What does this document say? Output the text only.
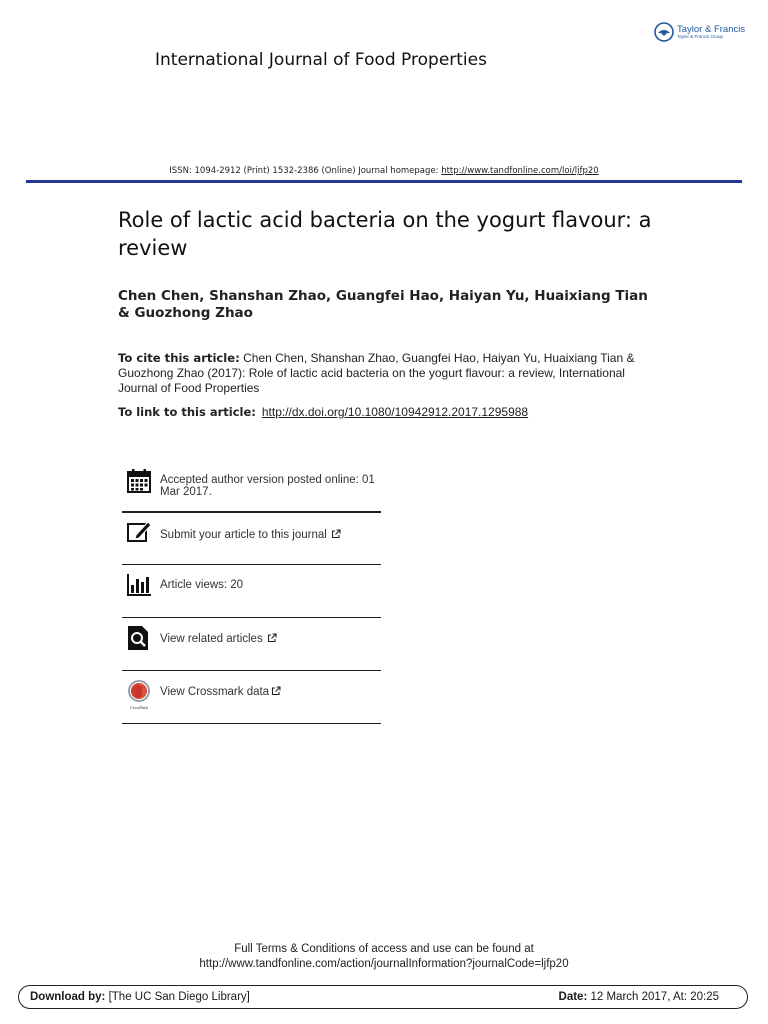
Taylor & Francis
Taylor & Francis Group
International Journal of Food Properties
ISSN: 1094-2912 (Print) 1532-2386 (Online) Journal homepage: http://www.tandfonline.com/loi/ljfp20
Role of lactic acid bacteria on the yogurt flavour: a review
Chen Chen, Shanshan Zhao, Guangfei Hao, Haiyan Yu, Huaixiang Tian & Guozhong Zhao
To cite this article: Chen Chen, Shanshan Zhao, Guangfei Hao, Haiyan Yu, Huaixiang Tian & Guozhong Zhao (2017): Role of lactic acid bacteria on the yogurt flavour: a review, International Journal of Food Properties
To link to this article: http://dx.doi.org/10.1080/10942912.2017.1295988
Accepted author version posted online: 01 Mar 2017.
Submit your article to this journal
Article views: 20
View related articles
CrossMark
View Crossmark data
Full Terms & Conditions of access and use can be found at
http://www.tandfonline.com/action/journalInformation?journalCode=ljfp20
Download by: [The UC San Diego Library]	Date: 12 March 2017, At: 20:25
